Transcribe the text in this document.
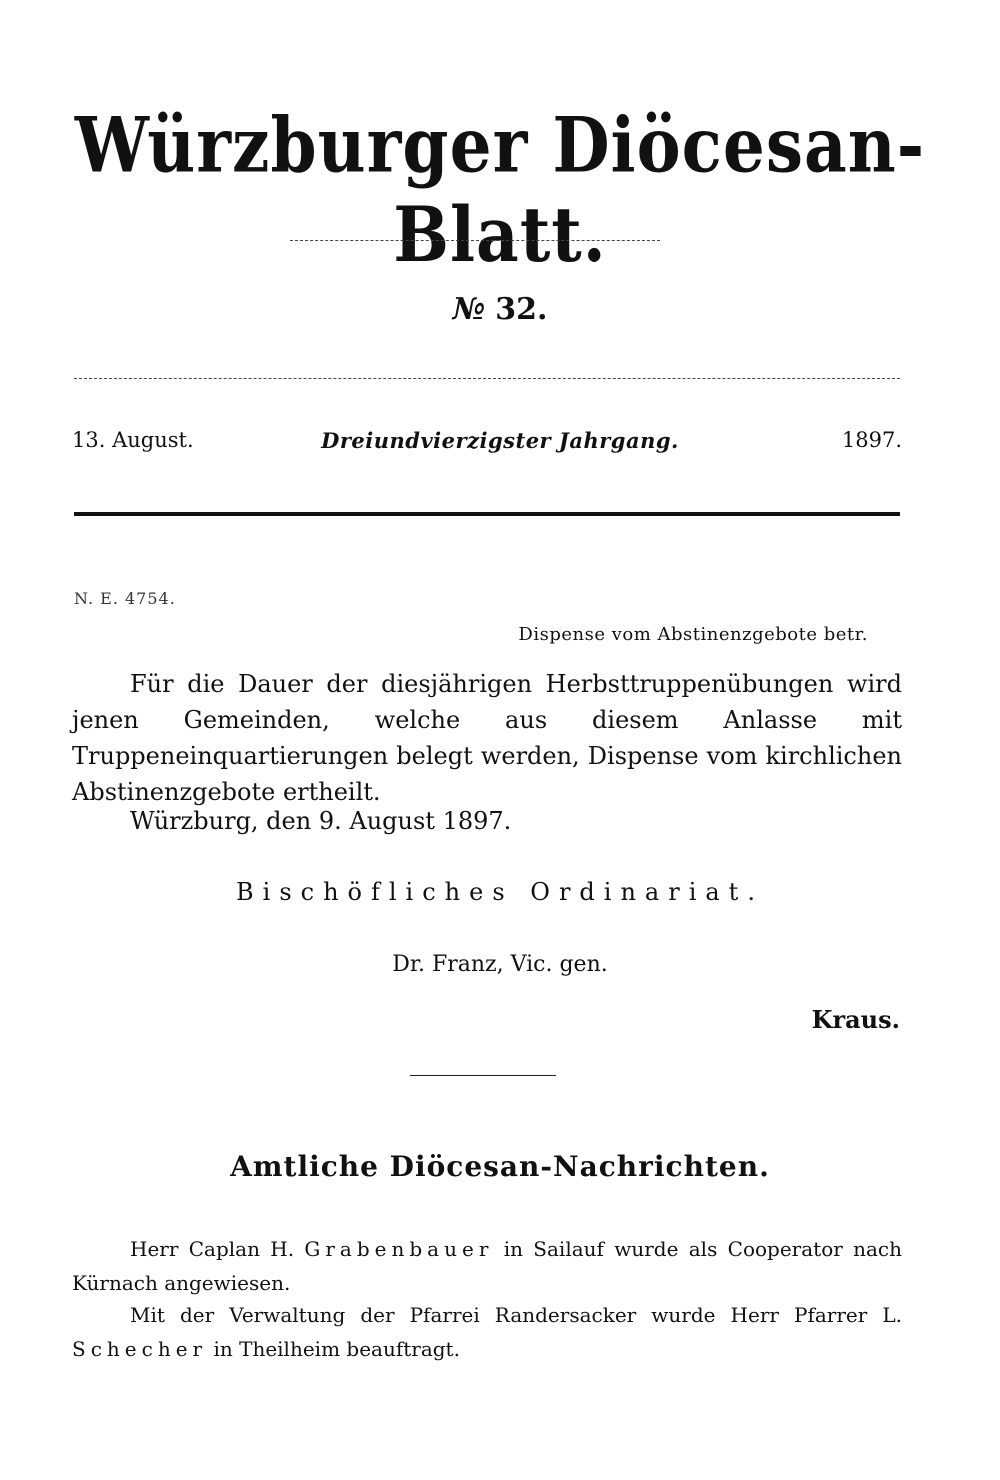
Würzburger Diöcesan-Blatt.
№ 32.
13. August.	Dreiundvierzigster Jahrgang.	1897.
N. E. 4754.
Dispense vom Abstinenzgebote betr.
Für die Dauer der diesjährigen Herbsttruppenübungen wird jenen Gemeinden, welche aus diesem Anlasse mit Truppeneinquartierungen belegt werden, Dispense vom kirchlichen Abstinenzgebote ertheilt.
Würzburg, den 9. August 1897.
Bischöfliches Ordinariat.
Dr. Franz, Vic. gen.
Kraus.
Amtliche Diöcesan-Nachrichten.
Herr Caplan H. Grabenbauer in Sailauf wurde als Cooperator nach Kürnach angewiesen.
Mit der Verwaltung der Pfarrei Randersacker wurde Herr Pfarrer L. Schecher in Theilheim beauftragt.
